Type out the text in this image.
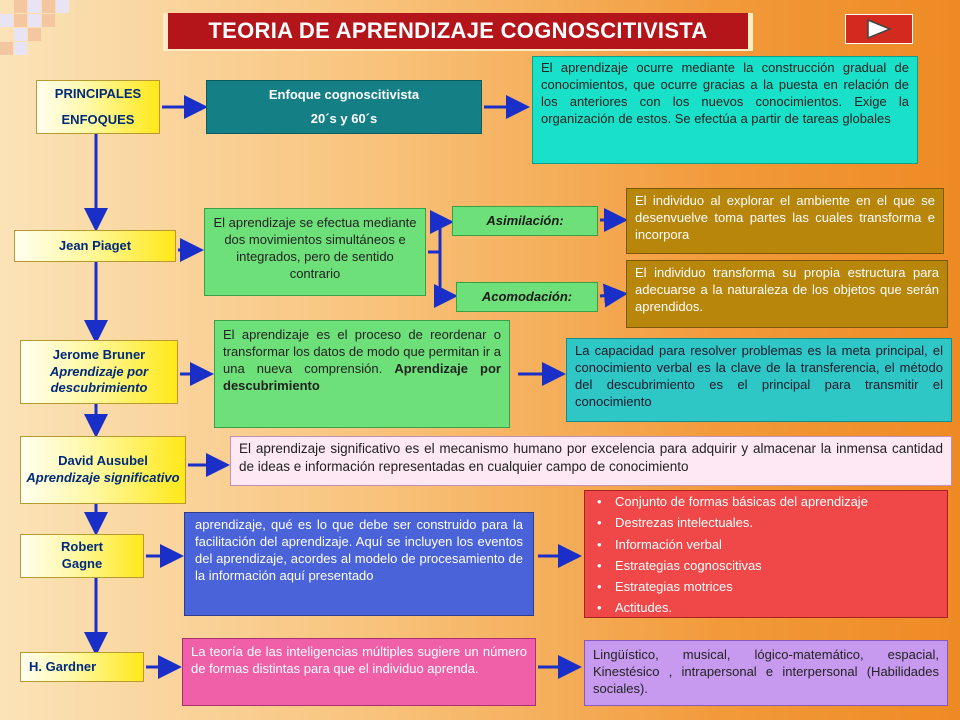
TEORIA DE APRENDIZAJE COGNOSCITIVISTA
PRINCIPALES
ENFOQUES
Enfoque cognoscitivista
20´s y 60´s
El aprendizaje ocurre mediante la construcción gradual de conocimientos, que ocurre gracias a la puesta en relación de los anteriores con los nuevos conocimientos. Exige la organización de estos. Se efectúa a partir de tareas globales
Jean Piaget
El aprendizaje se efectua mediante dos movimientos simultáneos e integrados, pero de sentido contrario
Asimilación:
Acomodación:
El individuo al explorar el ambiente en el que se desenvuelve toma partes las cuales transforma e incorpora
El individuo transforma su propia estructura para adecuarse a la naturaleza de los objetos que serán aprendidos.
Jerome Bruner
Aprendizaje por descubrimiento
El aprendizaje es el proceso de reordenar o transformar los datos de modo que permitan ir a una nueva comprensión. Aprendizaje por descubrimiento
La capacidad para resolver problemas es la meta principal, el conocimiento verbal es la clave de la transferencia, el método del descubrimiento es el principal para transmitir el conocimiento
David Ausubel
Aprendizaje significativo
El aprendizaje significativo es el mecanismo humano por excelencia para adquirir y almacenar la inmensa cantidad de ideas e información representadas en cualquier campo de conocimiento
Robert
Gagne
aprendizaje, qué es lo que debe ser construido para la facilitación del aprendizaje. Aquí se incluyen los eventos del aprendizaje, acordes al modelo de procesamiento de la información aquí presentado
• Conjunto de formas básicas del aprendizaje
• Destrezas intelectuales.
• Información verbal
• Estrategias cognoscitivas
• Estrategias motrices
• Actitudes.
H. Gardner
La teoría de las inteligencias múltiples sugiere un número de formas distintas para que el individuo aprenda.
Lingüístico, musical, lógico-matemático, espacial, Kinestésico , intrapersonal e interpersonal (Habilidades sociales).
